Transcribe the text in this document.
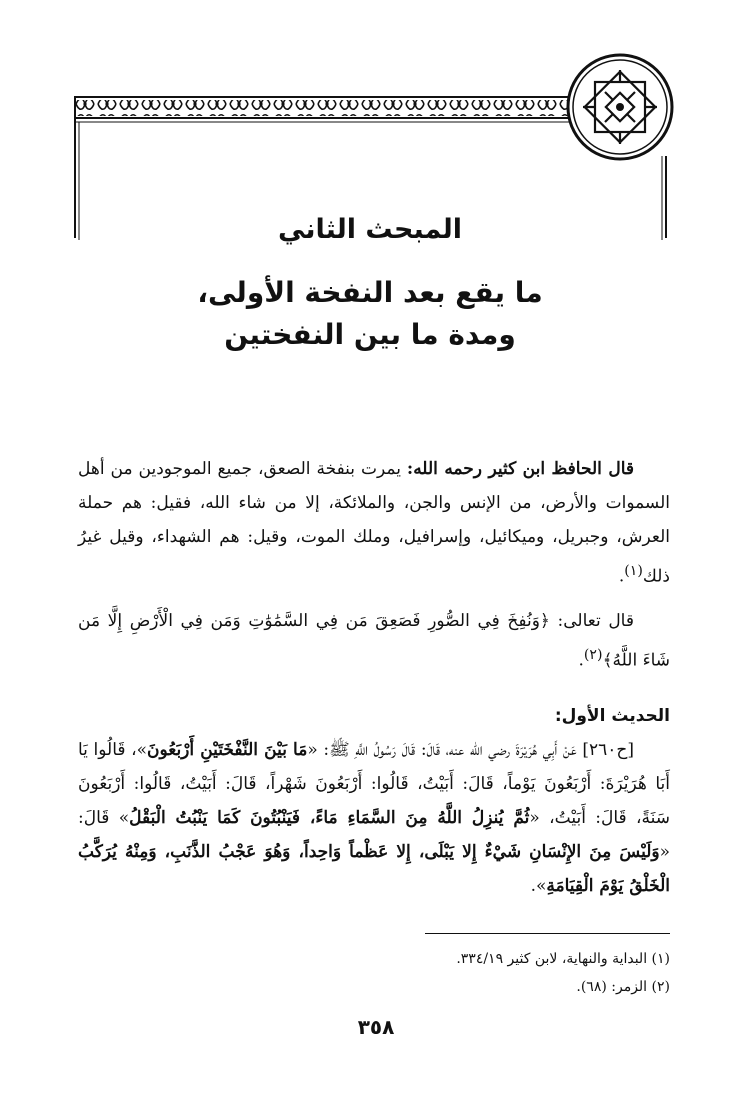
المبحث الثاني
ما يقع بعد النفخة الأولى،
ومدة ما بين النفختين

قال الحافظ ابن كثير رحمه الله: يمرت بنفخة الصعق، جميع الموجودين من أهل السموات والأرض، من الإنس والجن، والملائكة، إلا من شاء الله، فقيل: هم حملة العرش، وجبريل، وميكائيل، وإسرافيل، وملك الموت، وقيل: هم الشهداء، وقيل غيرُ ذلك$^{(١)}$.

قال تعالى: ﴿وَنُفِخَ فِي الصُّورِ فَصَعِقَ مَن فِي السَّمَٰوَٰتِ وَمَن فِي الْأَرْضِ إِلَّا مَن شَاءَ اللَّهُ﴾$^{(٢)}$.

الحديث الأول:

[ح٢٦٠] عَنْ أَبِي هُرَيْرَةَ رضي الله عنه، قَالَ: قَالَ رَسُولُ اللَّهِ ﷺ: «مَا بَيْنَ النَّفْخَتَيْنِ أَرْبَعُونَ»، قَالُوا يَا أَبَا هُرَيْرَةَ: أَرْبَعُونَ يَوْماً، قَالَ: أَبَيْتُ، قَالُوا: أَرْبَعُونَ شَهْراً، قَالَ: أَبَيْتُ، قَالُوا: أَرْبَعُونَ سَنَةً، قَالَ: أَبَيْتُ، «ثُمَّ يُنزِلُ اللَّهُ مِنَ السَّمَاءِ مَاءً، فَيَنْبُتُونَ كَمَا يَنْبُتُ الْبَقْلُ» قَالَ: «وَلَيْسَ مِنَ الإِنْسَانِ شَيْءٌ إِلا يَبْلَى، إِلا عَظْماً وَاحِداً، وَهُوَ عَجْبُ الذَّنَبِ، وَمِنْهُ يُرَكَّبُ الْخَلْقُ يَوْمَ الْقِيَامَةِ».

(١) البداية والنهاية، لابن كثير ٣٣٤/١٩.

(٢) الزمر: (٦٨).

٣٥٨
